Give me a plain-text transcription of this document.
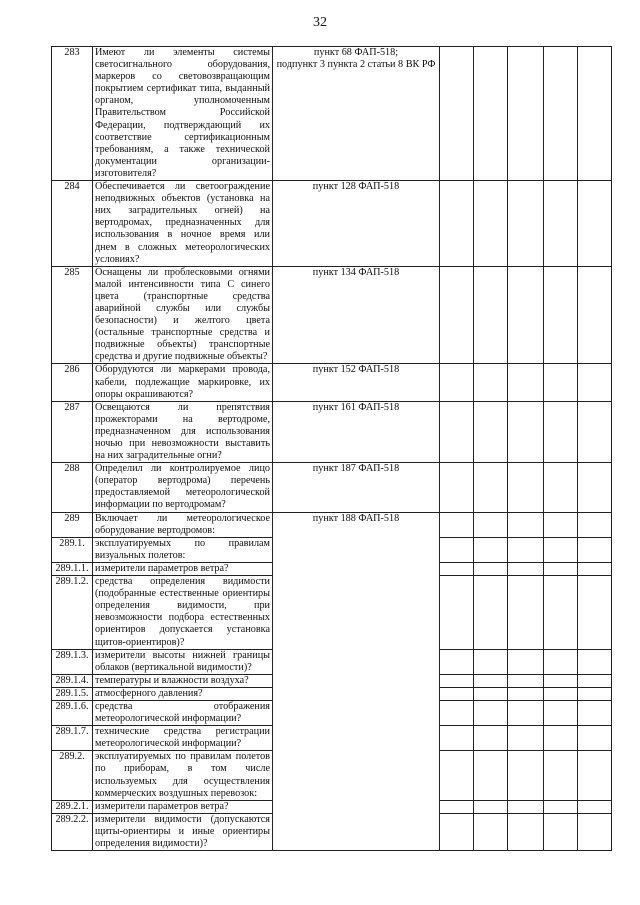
32
283	Имеют ли элементы системы светосигнального оборудования, маркеров со световозвращающим покрытием сертификат типа, выданный органом, уполномоченным Правительством Российской Федерации, подтверждающий их соответствие сертификационным требованиям, а также технической документации организации-изготовителя?	пункт 68 ФАП-518;
подпункт 3 пункта 2 статьи 8 ВК РФ					

284	Обеспечивается ли светоограждение неподвижных объектов (установка на них заградительных огней) на вертодромах, предназначенных для использования в ночное время или днем в сложных метеорологических условиях?	пункт 128 ФАП-518					
285	Оснащены ли проблесковыми огнями малой интенсивности типа С синего цвета (транспортные средства аварийной службы или службы безопасности) и желтого цвета (остальные транспортные средства и подвижные объекты) транспортные средства и другие подвижные объекты?	пункт 134 ФАП-518					
286	Оборудуются ли маркерами провода, кабели, подлежащие маркировке, их опоры окрашиваются?	пункт 152 ФАП-518					
287	Освещаются ли препятствия прожекторами на вертодроме, предназначенном для использования ночью при невозможности выставить на них заградительные огни?	пункт 161 ФАП-518					
288	Определил ли контролируемое лицо (оператор вертодрома) перечень предоставляемой метеорологической информации по вертодромам?	пункт 187 ФАП-518					
289	Включает ли метеорологическое оборудование вертодромов:	пункт 188 ФАП-518					
289.1.	эксплуатируемых по правилам визуальных полетов:						
289.1.1.	измерители параметров ветра?						
289.1.2.	средства определения видимости (подобранные естественные ориентиры определения видимости, при невозможности подбора естественных ориентиров допускается установка щитов-ориентиров)?						
289.1.3.	измерители высоты нижней границы облаков (вертикальной видимости)?						
289.1.4.	температуры и влажности воздуха?						
289.1.5.	атмосферного давления?						
289.1.6.	средства отображения метеорологической информации?						
289.1.7.	технические средства регистрации метеорологической информации?						
289.2.	эксплуатируемых по правилам полетов по приборам, в том числе используемых для осуществления коммерческих воздушных перевозок:						
289.2.1.	измерители параметров ветра?						
289.2.2.	измерители видимости (допускаются щиты-ориентиры и иные ориентиры определения видимости)?						
